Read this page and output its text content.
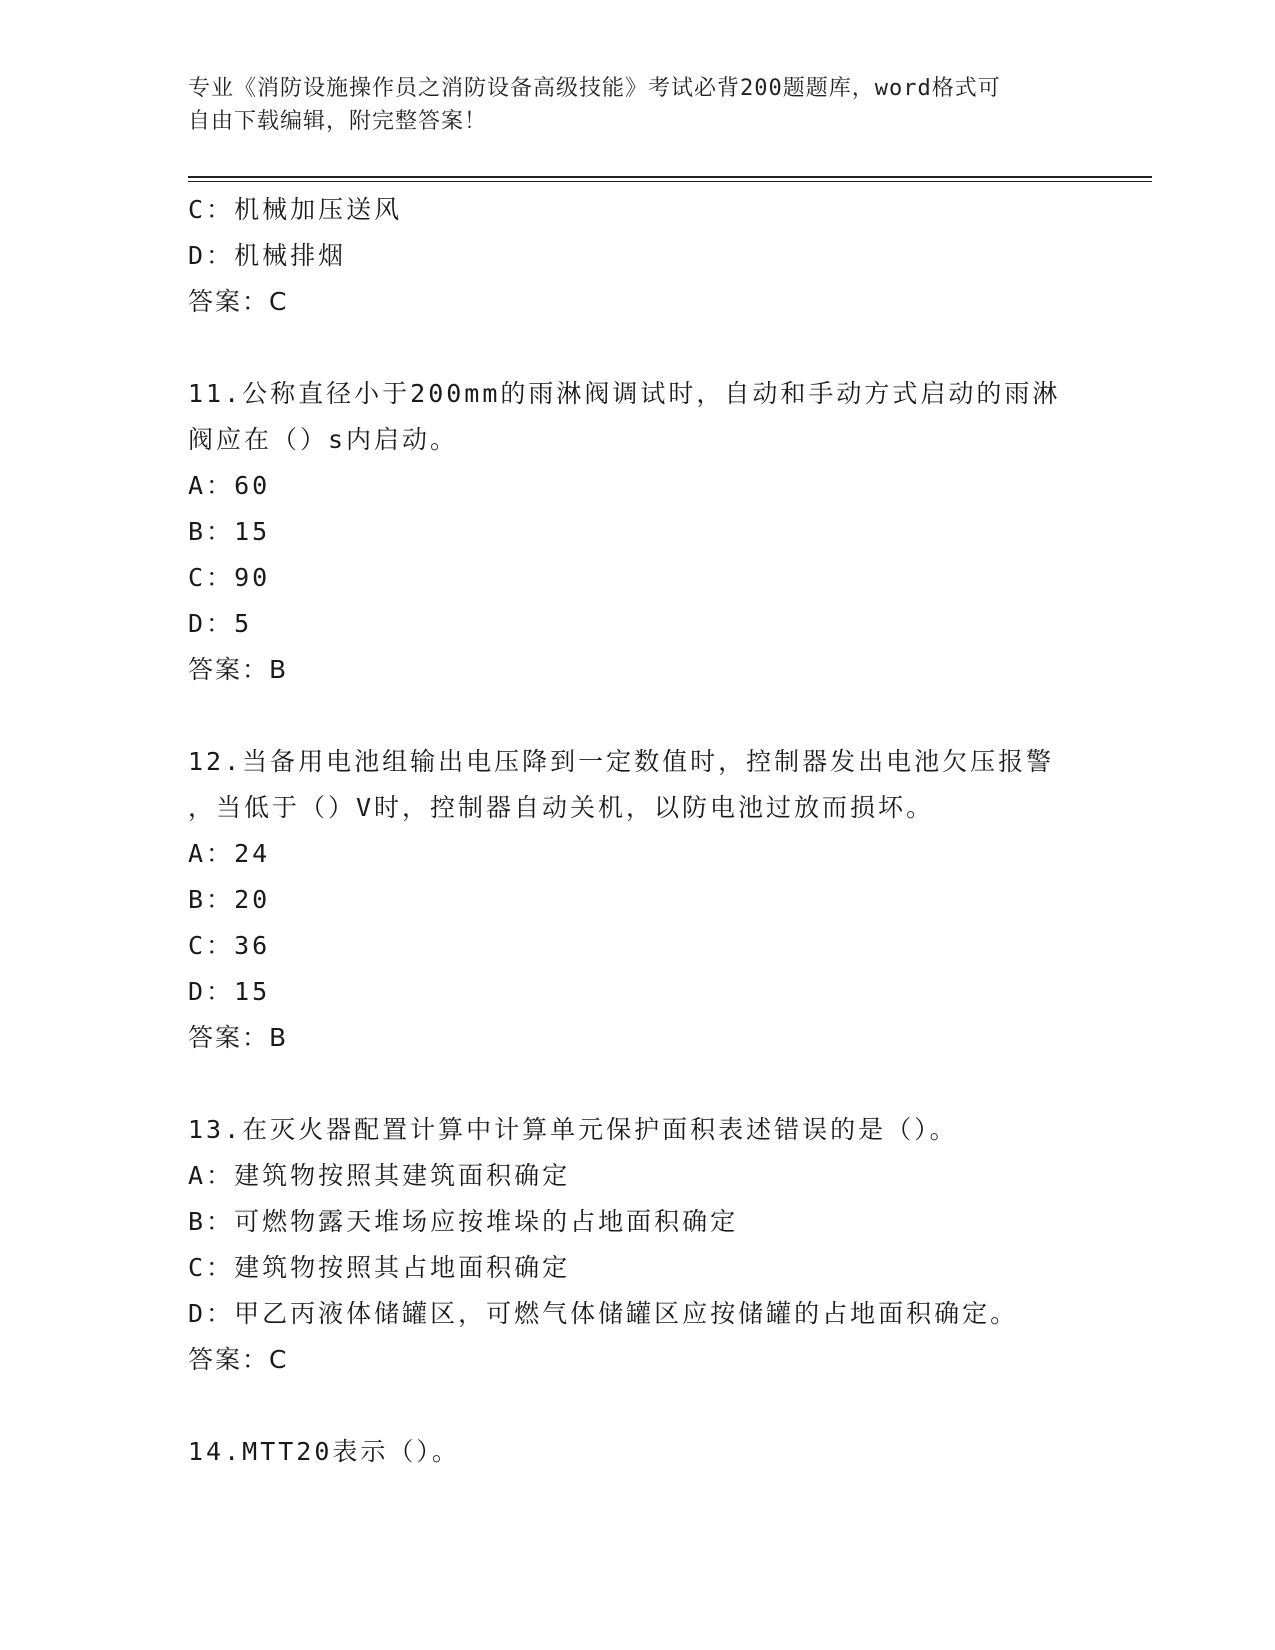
专业《消防设施操作员之消防设备高级技能》考试必背200题题库，word格式可
自由下载编辑，附完整答案！
C：机械加压送风
D：机械排烟
答案：C
11.公称直径小于200mm的雨淋阀调试时，自动和手动方式启动的雨淋
阀应在（）s内启动。
A：60
B：15
C：90
D：5
答案：B
12.当备用电池组输出电压降到一定数值时，控制器发出电池欠压报警
，当低于（）V时，控制器自动关机，以防电池过放而损坏。
A：24
B：20
C：36
D：15
答案：B
13.在灭火器配置计算中计算单元保护面积表述错误的是（）。
A：建筑物按照其建筑面积确定
B：可燃物露天堆场应按堆垛的占地面积确定
C：建筑物按照其占地面积确定
D：甲乙丙液体储罐区，可燃气体储罐区应按储罐的占地面积确定。
答案：C
14.MTT20表示（）。
